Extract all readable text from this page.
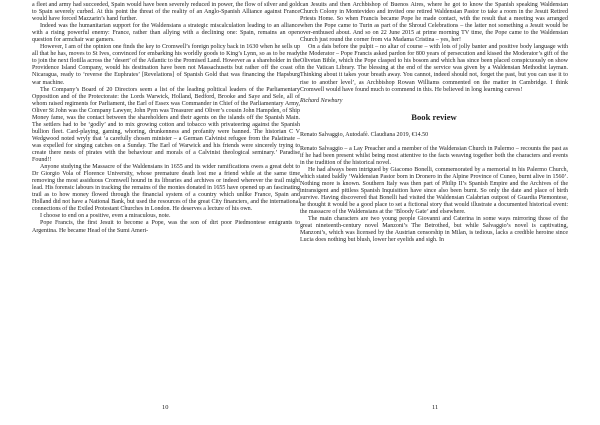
a fleet and army had succeeded, Spain would have been severely reduced in power, the flow of silver and gold to Spain severely curbed. At this point the threat of the reality of an Anglo-Spanish Alliance against France would have forced Mazzarin’s hand further.

Indeed was the humanitarian support for the Waldensians a strategic miscalculation leading to an alliance with a rising powerful enemy: France, rather than allying with a declining one: Spain, remains an open question for armchair war gamers.

However, I am of the opinion one finds the key to Cromwell’s foreign policy back in 1630 when he sells up all that he has, moves to St Ives, convinced for embarking his worldly goods to King’s Lynn, so as to be ready to join the next flotilla across the ‘desert’ of the Atlantic to the Promised Land. However as a shareholder in the Providence Island Company, would his destination have been not Massachusetts but rather off the coast of Nicaragua, ready to ‘reverse the Euphrates’ [Revelations] of Spanish Gold that was financing the Hapsburg war machine.

The Company’s Board of 20 Directors seem a list of the leading political leaders of the Parliamentary Opposition and of the Protectorate: the Lords Warwick, Holland, Bedford, Brooke and Saye and Sele, all of whom raised regiments for Parliament, the Earl of Essex was Commander in Chief of the Parliamentary Army, Oliver St John was the Company Lawyer, John Pym was Treasurer and Oliver’s cousin John Hampden, of Ship Money fame, was the contact between the shareholders and their agents on the islands off the Spanish Main. The settlers had to be ‘godly’ and to mix growing cotton and tobacco with privateering against the Spanish bullion fleet. Card-playing, gaming, whoring, drunkenness and profanity were banned. The historian C V Wedgwood noted wryly that ‘a carefully chosen minister – a German Calvinist refugee from the Palatinate – was expelled for singing catches on a Sunday. The Earl of Warwick and his friends were sincerely trying to create there nests of pirates with the behaviour and morals of a Calvinist theological seminary.’ Paradise Found!!

Anyone studying the Massacre of the Waldensians in 1655 and its wider ramifications owes a great debt to Dr Giorgio Vola of Florence University, whose premature death lost me a friend while at the same time removing the most assiduous Cromwell hound in its libraries and archives or indeed wherever the trail might lead. His forensic labours in tracking the remains of the monies donated in 1655 have opened up an fascinating trail as to how money flowed through the financial system of a country which unlike France, Spain and Holland did not have a National Bank, but used the resources of the great City financiers, and the international connections of the Exiled Protestant Churches in London. He deserves a lecture of his own.

I choose to end on a positive, even a miraculous, note.

Pope Francis, the first Jesuit to become a Pope, was the son of dirt poor Piedmontese emigrants to Argentina. He became Head of the Sumi Ameri-

can Jesuits and then Archbishop of Buenos Aires, where he got to know the Spanish speaking Waldensian Church Colony in Montevideo and invited one retired Waldensian Pastor to take a room in the Jesuit Retired Priests Home. So when Francis became Pope he made contact, with the result that a meeting was arranged when the Pope came to Turin as part of the Shroud Celebrations – the latter not something a Jesuit would be over-enthused about. And so on 22 June 2015 at prime morning TV time, the Pope came to the Waldensian Church just round the corner from via Madama Cristina – yes, her!

On a dais before the pulpit – no altar of course – with lots of jolly banter and positive body language with the Moderator – Pope Francis asked pardon for 800 years of persecution and kissed the Moderator’s gift of the Olivetan Bible, which the Pope clasped to his bosom and which has since been placed conspicuously on show in the Vatican Library. The blessing at the end of the service was given by a Waldensian Methodist layman. Thinking about it takes your breath away. You cannot, indeed should not, forget the past, but you can use it to rise to another level’, as Archbishop Rowan Williams commented on the matter in Cambridge. I think Cromwell would have found much to commend in this. He believed in long learning curves!

Richard Newbury

Book review

Renato Salvaggio, Autodafè. Claudiana 2019, €14.50

Renato Salvaggio – a Lay Preacher and a member of the Waldensian Church in Palermo – recounts the past as if he had been present whilst being most attentive to the facts weaving together both the characters and events in the tradition of the historical novel.

He had always been intrigued by Giacomo Bonelli, commemorated by a memorial in his Palermo Church, which stated baldly ‘Waldensian Pastor born in Dronero in the Alpine Province of Cuneo, burnt alive in 1560’. Nothing more is known. Southern Italy was then part of Philip II’s Spanish Empire and the Archives of the intransigent and pitiless Spanish Inquisition have since also been burnt. So only the date and place of birth survive. Having discovered that Bonelli had visited the Waldensian Calabrian outpost of Guardia Piemontese, he thought it would be a good place to set a fictional story that would illustrate a documented historical event: the massacre of the Waldensians at the ‘Bloody Gate’ and elsewhere.

The main characters are two young people Giovanni and Caterina in some ways mirroring those of the great nineteenth-century novel Manzoni’s The Betrothed, but while Salvaggio’s novel is captivating, Manzoni’s, which was licensed by the Austrian censorship in Milan, is tedious, lacks a credible heroine since Lucia does nothing but blush, lower her eyelids and sigh. In

10	11
